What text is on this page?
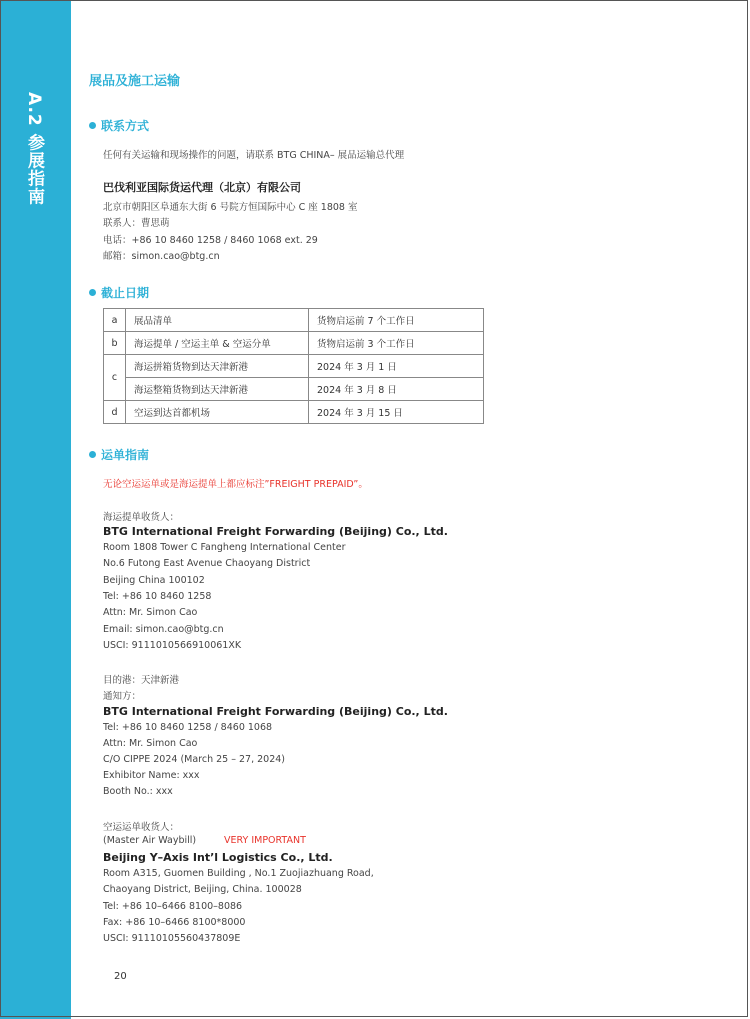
A.2 参展指南
展品及施工运输
联系方式
任何有关运输和现场操作的问题，请联系 BTG CHINA– 展品运输总代理
巴伐利亚国际货运代理（北京）有限公司
北京市朝阳区阜通东大街 6 号院方恒国际中心 C 座 1808 室
联系人：曹思萌
电话：+86 10 8460 1258 / 8460 1068 ext. 29
邮箱：simon.cao@btg.cn
截止日期
a	展品清单	货物启运前 7 个工作日
b	海运提单 / 空运主单 & 空运分单	货物启运前 3 个工作日
c	海运拼箱货物到达天津新港	2024 年 3 月 1 日
	海运整箱货物到达天津新港	2024 年 3 月 8 日
d	空运到达首都机场	2024 年 3 月 15 日
运单指南
无论空运运单或是海运提单上都应标注”FREIGHT PREPAID”。
海运提单收货人：
BTG International Freight Forwarding (Beijing) Co., Ltd.
Room 1808 Tower C Fangheng International Center
No.6 Futong East Avenue Chaoyang District
Beijing China 100102
Tel: +86 10 8460 1258
Attn: Mr. Simon Cao
Email: simon.cao@btg.cn
USCI: 9111010566910061XK
目的港：天津新港
通知方：
BTG International Freight Forwarding (Beijing) Co., Ltd.
Tel: +86 10 8460 1258 / 8460 1068
Attn: Mr. Simon Cao
C/O CIPPE 2024 (March 25 – 27, 2024)
Exhibitor Name: xxx
Booth No.: xxx
空运运单收货人：
(Master Air Waybill)	VERY IMPORTANT
Beijing Y–Axis Int’l Logistics Co., Ltd.
Room A315, Guomen Building , No.1 Zuojiazhuang Road,
Chaoyang District, Beijing, China. 100028
Tel: +86 10–6466 8100–8086
Fax: +86 10–6466 8100*8000
USCI: 91110105560437809E
20
